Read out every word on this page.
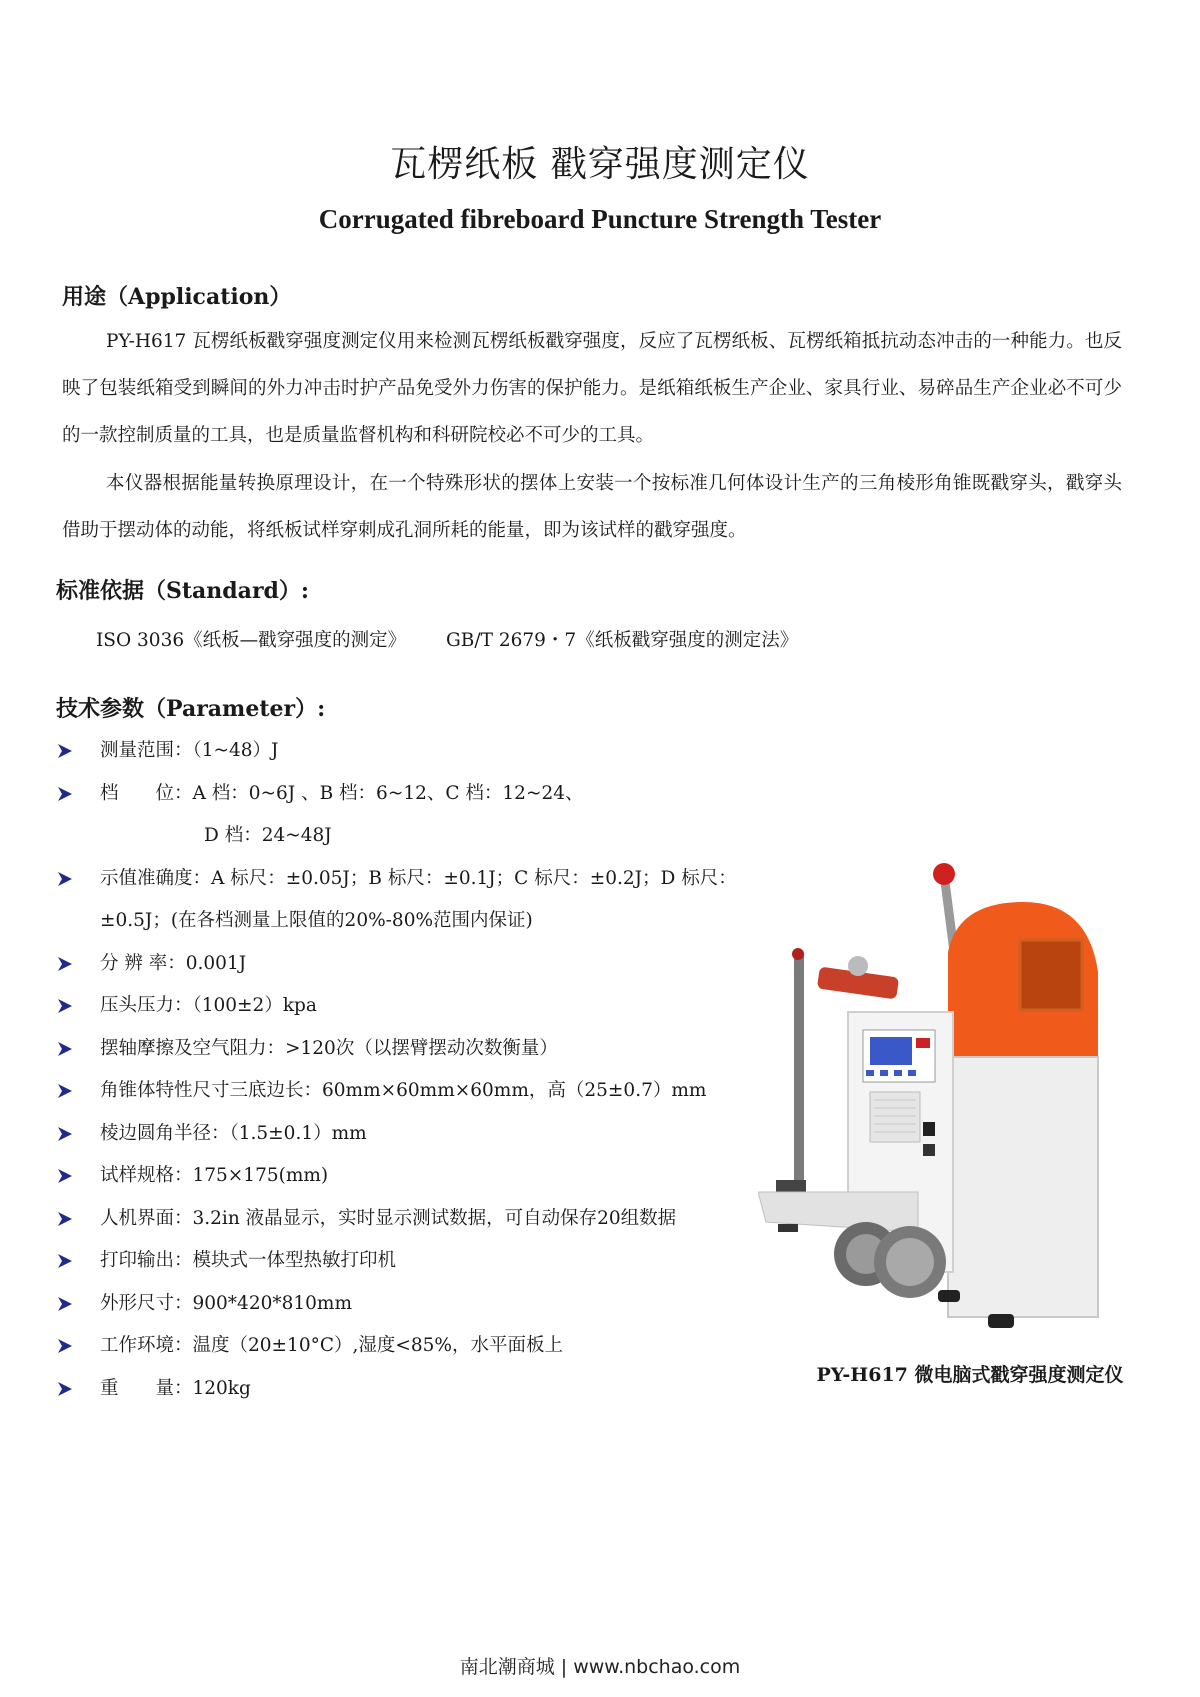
瓦楞纸板 戳穿强度测定仪
Corrugated fibreboard Puncture Strength Tester
用途（Application）
PY-H617 瓦楞纸板戳穿强度测定仪用来检测瓦楞纸板戳穿强度，反应了瓦楞纸板、瓦楞纸箱抵抗动态冲击的一种能力。也反映了包装纸箱受到瞬间的外力冲击时护产品免受外力伤害的保护能力。是纸箱纸板生产企业、家具行业、易碎品生产企业必不可少的一款控制质量的工具，也是质量监督机构和科研院校必不可少的工具。
本仪器根据能量转换原理设计，在一个特殊形状的摆体上安装一个按标准几何体设计生产的三角棱形角锥既戳穿头，戳穿头借助于摆动体的动能，将纸板试样穿刺成孔洞所耗的能量，即为该试样的戳穿强度。
标准依据（Standard）:
ISO 3036《纸板—戳穿强度的测定》 GB/T 2679・7《纸板戳穿强度的测定法》
技术参数（Parameter）:
测量范围：（1~48）J
档　　位：A 档：0~6J 、B 档：6~12、C 档：12~24、
D 档：24~48J
示值准确度：A 标尺：±0.05J；B 标尺：±0.1J；C 标尺：±0.2J；D 标尺：
±0.5J；(在各档测量上限值的20%-80%范围内保证)
分 辨 率：0.001J
压头压力：（100±2）kpa
摆轴摩擦及空气阻力：>120次（以摆臂摆动次数衡量）
角锥体特性尺寸三底边长：60mm×60mm×60mm，高（25±0.7）mm
棱边圆角半径：（1.5±0.1）mm
试样规格：175×175(mm)
人机界面：3.2in 液晶显示，实时显示测试数据，可自动保存20组数据
打印输出：模块式一体型热敏打印机
外形尺寸：900*420*810mm
工作环境：温度（20±10°C）,湿度<85%，水平面板上
重　　量：120kg
PY-H617 微电脑式戳穿强度测定仪
南北潮商城 | www.nbchao.com
